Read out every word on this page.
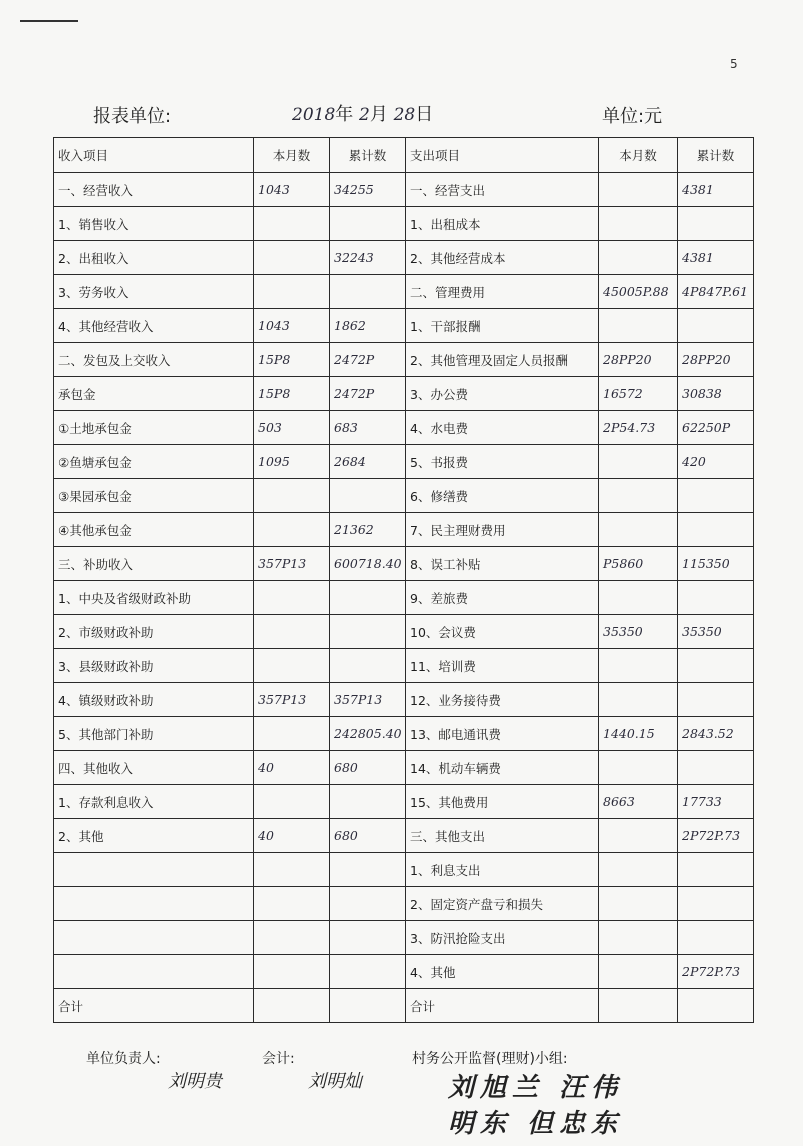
5
报表单位:	2018年 2月 28日	单位:元
收入项目	本月数	累计数	支出项目	本月数	累计数
一、经营收入	1043	34255	一、经营支出		4381
1、销售收入			1、出租成本		
2、出租收入		32243	2、其他经营成本		4381
3、劳务收入			二、管理费用	45005P.88	4P847P.61
4、其他经营收入	1043	1862	1、干部报酬		
二、发包及上交收入	15P8	2472P	2、其他管理及固定人员报酬	28PP20	28PP20
承包金	15P8	2472P	3、办公费	16572	30838
①土地承包金	503	683	4、水电费	2P54.73	62250P
②鱼塘承包金	1095	2684	5、书报费		420
③果园承包金			6、修缮费		
④其他承包金		21362	7、民主理财费用		
三、补助收入	357P13	600718.40	8、误工补贴	P5860	115350
1、中央及省级财政补助			9、差旅费		
2、市级财政补助			10、会议费	35350	35350
3、县级财政补助			11、培训费		
4、镇级财政补助	357P13	357P13	12、业务接待费		
5、其他部门补助		242805.40	13、邮电通讯费	1440.15	2843.52
四、其他收入	40	680	14、机动车辆费		
1、存款利息收入			15、其他费用	8663	17733
2、其他	40	680	三、其他支出		2P72P.73
			1、利息支出		
			2、固定资产盘亏和损失		
			3、防汛抢险支出		
			4、其他		2P72P.73
合计			合计		
单位负责人:
刘明贵
会计:
刘明灿
村务公开监督(理财)小组:
刘旭兰 汪伟
明东 但忠东
